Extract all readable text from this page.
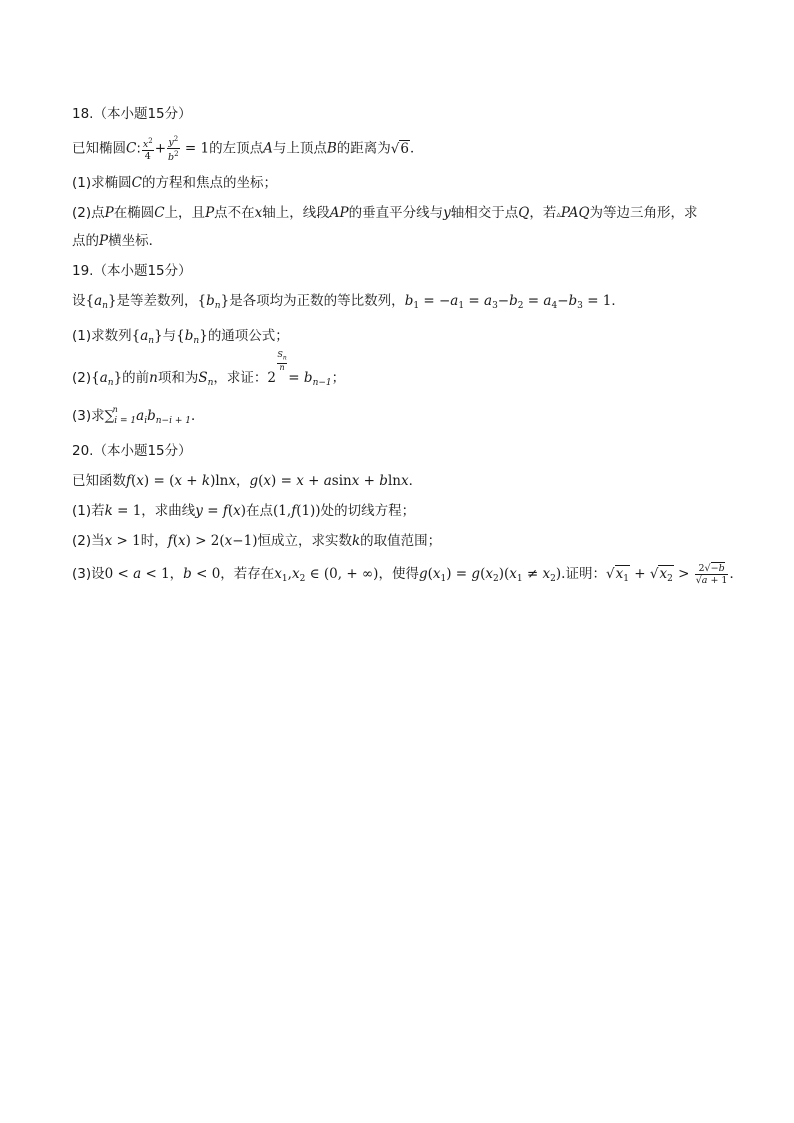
18.（本小题15分）
已知椭圆C: $\frac{x^2}{4} + \frac{y^2}{b^2} = 1$的左顶点A与上顶点B的距离为√6．
(1)求椭圆C的方程和焦点的坐标；
(2)点P在椭圆C上，且P点不在x轴上，线段AP的垂直平分线与y轴相交于点Q，若▵PAQ为等边三角形，求
点的P横坐标．
19.（本小题15分）
设$\{a_n\}$是等差数列，$\{b_n\}$是各项均为正数的等比数列，$b_1 = -a_1 = a_3-b_2 = a_4-b_3 = 1$．
(1)求数列$\{a_n\}$与$\{b_n\}$的通项公式；
$(2)\{a_n\}$的前n项和为$S_n$，求证：2
$S_n$
n
= $b_{n-1}$；
(3)求∑
n
$_{i = 1}a_ib_{n-i + 1}$．
20.（本小题15分）
已知函数f(x) = (x + k)lnx，g(x) = x + asinx + blnx．
(1)若k = 1，求曲线y = f(x)在点(1,f(1))处的切线方程；
(2)当x > 1时，f(x) > 2(x−1)恒成立，求实数k的取值范围；
(3)设0 < a < 1，b < 0，若存在$x_1,x_2$ ∈ (0, + ∞)，使得$g(x_1) = g(x_2)(x_1 \ne x_2)$.证明：$√x_1 + √x_2 > \frac{2√-b}{√a + 1}$ ．
